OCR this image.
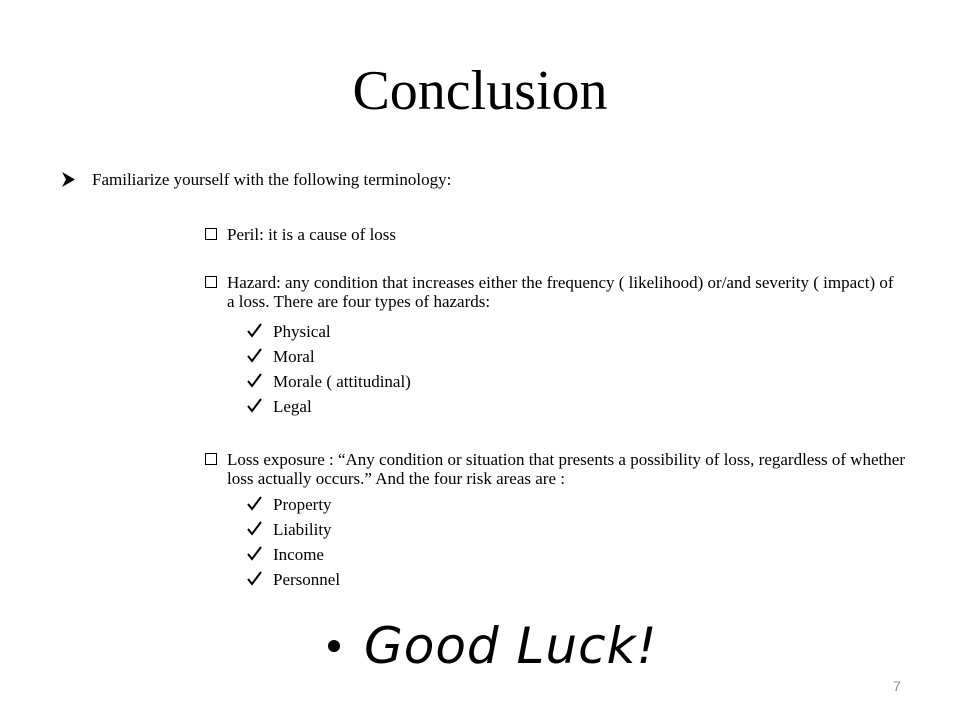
Conclusion
Familiarize yourself with the following terminology:
Peril: it is a cause of loss
Hazard: any condition that increases either the frequency ( likelihood) or/and severity ( impact) of a loss. There are four types of hazards:
Physical
Moral
Morale ( attitudinal)
Legal
Loss exposure : “Any condition or situation that presents a possibility of loss, regardless of whether loss actually occurs.” And the four risk areas are :
Property
Liability
Income
Personnel
Good Luck!
7
